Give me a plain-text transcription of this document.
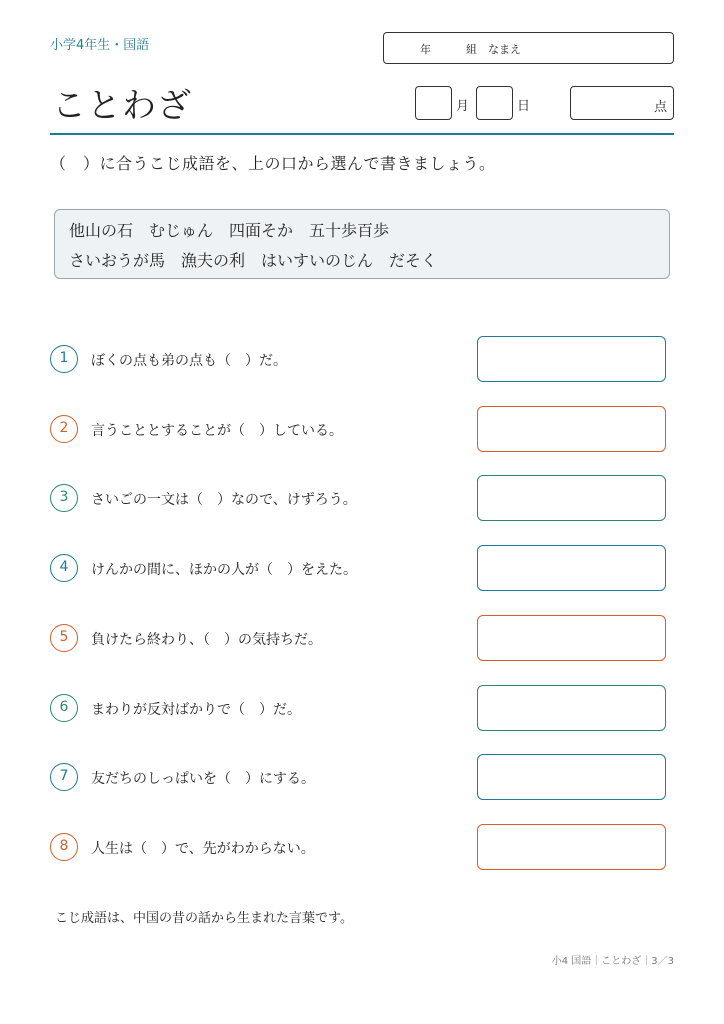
小学4年生・国語	年	組 なまえ
ことわざ	月	日	点
（　）に合うこじ成語を、上の口から選んで書きましょう。
他山の石　むじゅん　四面そか　五十歩百歩
さいおうが馬　漁夫の利　はいすいのじん　だそく
1	ぼくの点も弟の点も（　）だ。
2	言うこととすることが（　）している。
3	さいごの一文は（　）なので、けずろう。
4	けんかの間に、ほかの人が（　）をえた。
5	負けたら終わり、（　）の気持ちだ。
6	まわりが反対ばかりで（　）だ。
7	友だちのしっぱいを（　）にする。
8	人生は（　）で、先がわからない。
こじ成語は、中国の昔の話から生まれた言葉です。
小4 国語｜ことわざ｜3／3
